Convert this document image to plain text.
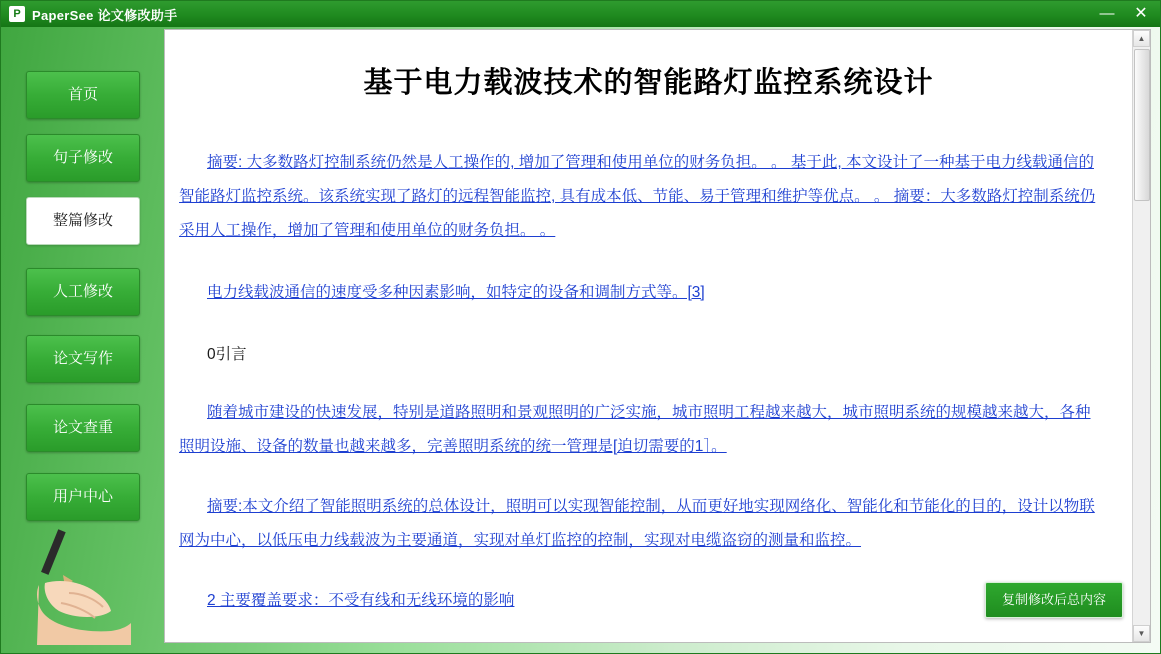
P PaperSee 论文修改助手	—	✕
首页
句子修改
整篇修改
人工修改
论文写作
论文查重
用户中心
基于电力载波技术的智能路灯监控系统设计

摘要: 大多数路灯控制系统仍然是人工操作的, 增加了管理和使用单位的财务负担。 。 基于此, 本文设计了一种基于电力线载通信的智能路灯监控系统。该系统实现了路灯的远程智能监控, 具有成本低、节能、易于管理和维护等优点。 。 摘要：大多数路灯控制系统仍采用人工操作，增加了管理和使用单位的财务负担。 。

电力线载波通信的速度受多种因素影响，如特定的设备和调制方式等。[3]

0引言

随着城市建设的快速发展，特别是道路照明和景观照明的广泛实施，城市照明工程越来越大，城市照明系统的规模越来越大，各种照明设施、设备的数量也越来越多，完善照明系统的统一管理是[迫切需要的1］。

摘要:本文介绍了智能照明系统的总体设计，照明可以实现智能控制，从而更好地实现网络化、智能化和节能化的目的，设计以物联网为中心，以低压电力线载波为主要通道，实现对单灯监控的控制，实现对电缆盗窃的测量和监控。

2 主要覆盖要求：不受有线和无线环境的影响

▲
▼
复制修改后总内容
